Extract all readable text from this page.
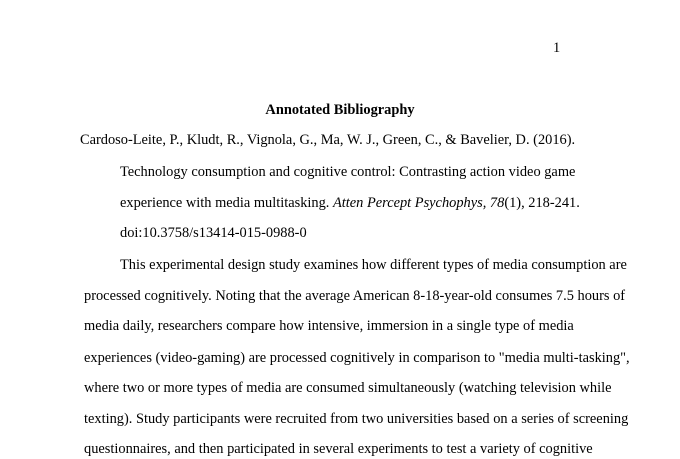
1
Annotated Bibliography
Cardoso-Leite, P., Kludt, R., Vignola, G., Ma, W. J., Green, C., & Bavelier, D. (2016).
Technology consumption and cognitive control: Contrasting action video game
experience with media multitasking. Atten Percept Psychophys, 78(1), 218-241.
doi:10.3758/s13414-015-0988-0
This experimental design study examines how different types of media consumption are
processed cognitively. Noting that the average American 8-18-year-old consumes 7.5 hours of
media daily, researchers compare how intensive, immersion in a single type of media
experiences (video-gaming) are processed cognitively in comparison to "media multi-tasking",
where two or more types of media are consumed simultaneously (watching television while
texting). Study participants were recruited from two universities based on a series of screening
questionnaires, and then participated in several experiments to test a variety of cognitive
